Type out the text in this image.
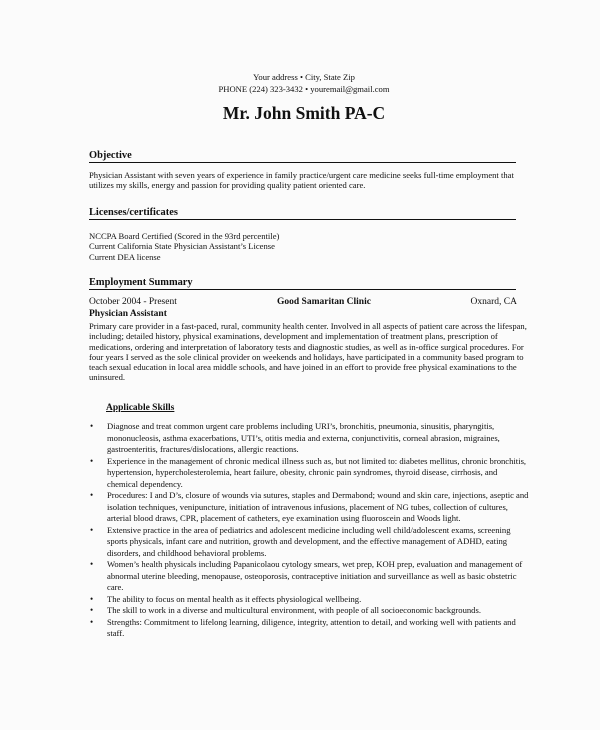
Your address • City, State Zip
PHONE (224) 323-3432 • youremail@gmail.com
Mr. John Smith PA-C
Objective
Physician Assistant with seven years of experience in family practice/urgent care medicine seeks full-time employment that utilizes my skills, energy and passion for providing quality patient oriented care.
Licenses/certificates
NCCPA Board Certified (Scored in the 93rd percentile)
Current California State Physician Assistant’s License
Current DEA license
Employment Summary
October 2004 - Present	Good Samaritan Clinic	Oxnard, CA
Physician Assistant
Primary care provider in a fast-paced, rural, community health center. Involved in all aspects of patient care across the lifespan, including; detailed history, physical examinations, development and implementation of treatment plans, prescription of medications, ordering and interpretation of laboratory tests and diagnostic studies, as well as in-office surgical procedures. For four years I served as the sole clinical provider on weekends and holidays, have participated in a community based program to teach sexual education in local area middle schools, and have joined in an effort to provide free physical examinations to the uninsured.
Applicable Skills
• Diagnose and treat common urgent care problems including URI’s, bronchitis, pneumonia, sinusitis, pharyngitis, mononucleosis, asthma exacerbations, UTI’s, otitis media and externa, conjunctivitis, corneal abrasion, migraines, gastroenteritis, fractures/dislocations, allergic reactions.
• Experience in the management of chronic medical illness such as, but not limited to: diabetes mellitus, chronic bronchitis, hypertension, hypercholesterolemia, heart failure, obesity, chronic pain syndromes, thyroid disease, cirrhosis, and chemical dependency.
• Procedures: I and D’s, closure of wounds via sutures, staples and Dermabond; wound and skin care, injections, aseptic and isolation techniques, venipuncture, initiation of intravenous infusions, placement of NG tubes, collection of cultures, arterial blood draws, CPR, placement of catheters, eye examination using fluoroscein and Woods light.
• Extensive practice in the area of pediatrics and adolescent medicine including well child/adolescent exams, screening sports physicals, infant care and nutrition, growth and development, and the effective management of ADHD, eating disorders, and childhood behavioral problems.
• Women’s health physicals including Papanicolaou cytology smears, wet prep, KOH prep, evaluation and management of abnormal uterine bleeding, menopause, osteoporosis, contraceptive initiation and surveillance as well as basic obstetric care.
• The ability to focus on mental health as it effects physiological wellbeing.
• The skill to work in a diverse and multicultural environment, with people of all socioeconomic backgrounds.
• Strengths: Commitment to lifelong learning, diligence, integrity, attention to detail, and working well with patients and staff.
